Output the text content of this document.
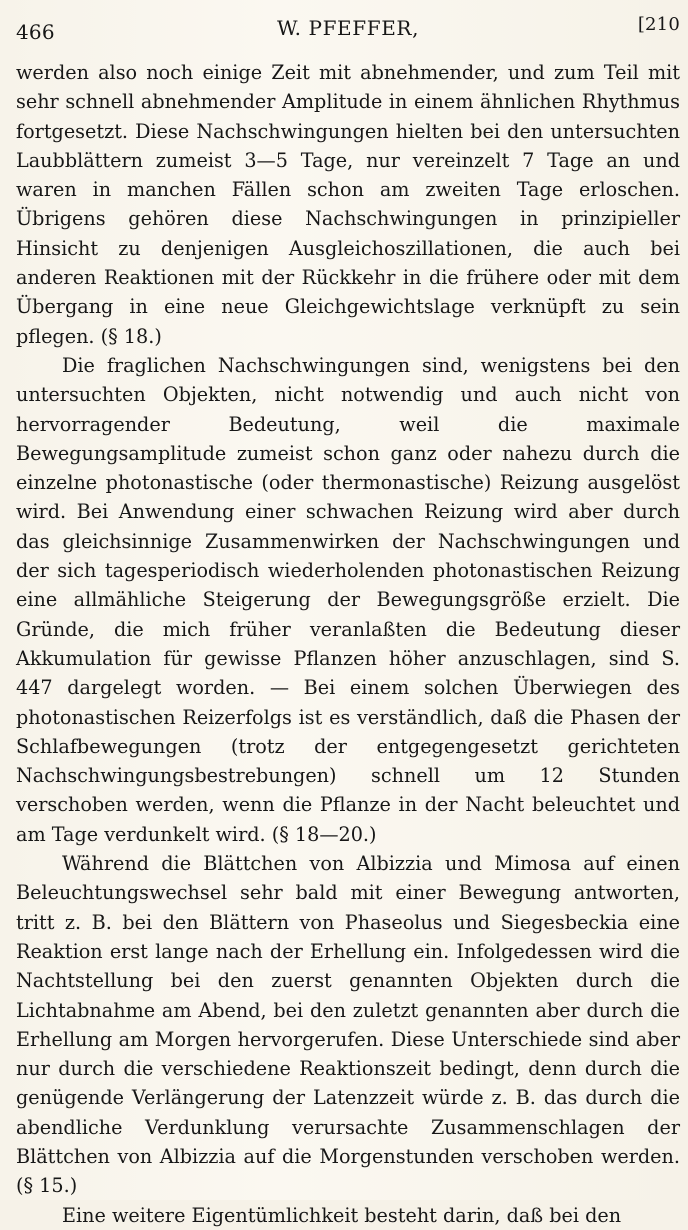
466	W. PFEFFER,	[210

werden also noch einige Zeit mit abnehmender, und zum Teil mit sehr schnell abnehmender Amplitude in einem ähnlichen Rhythmus fortgesetzt. Diese Nachschwingungen hielten bei den untersuchten Laubblättern zumeist 3—5 Tage, nur vereinzelt 7 Tage an und waren in manchen Fällen schon am zweiten Tage erloschen. Übrigens gehören diese Nachschwingungen in prinzipieller Hinsicht zu denjenigen Ausgleichoszillationen, die auch bei anderen Reaktionen mit der Rückkehr in die frühere oder mit dem Übergang in eine neue Gleichgewichtslage verknüpft zu sein pflegen. (§ 18.)

Die fraglichen Nachschwingungen sind, wenigstens bei den untersuchten Objekten, nicht notwendig und auch nicht von hervorragender Bedeutung, weil die maximale Bewegungsamplitude zumeist schon ganz oder nahezu durch die einzelne photonastische (oder thermonastische) Reizung ausgelöst wird. Bei Anwendung einer schwachen Reizung wird aber durch das gleichsinnige Zusammenwirken der Nachschwingungen und der sich tagesperiodisch wiederholenden photonastischen Reizung eine allmähliche Steigerung der Bewegungsgröße erzielt. Die Gründe, die mich früher veranlaßten die Bedeutung dieser Akkumulation für gewisse Pflanzen höher anzuschlagen, sind S. 447 dargelegt worden. — Bei einem solchen Überwiegen des photonastischen Reizerfolgs ist es verständlich, daß die Phasen der Schlafbewegungen (trotz der entgegengesetzt gerichteten Nachschwingungsbestrebungen) schnell um 12 Stunden verschoben werden, wenn die Pflanze in der Nacht beleuchtet und am Tage verdunkelt wird. (§ 18—20.)

Während die Blättchen von Albizzia und Mimosa auf einen Beleuchtungswechsel sehr bald mit einer Bewegung antworten, tritt z. B. bei den Blättern von Phaseolus und Siegesbeckia eine Reaktion erst lange nach der Erhellung ein. Infolgedessen wird die Nachtstellung bei den zuerst genannten Objekten durch die Lichtabnahme am Abend, bei den zuletzt genannten aber durch die Erhellung am Morgen hervorgerufen. Diese Unterschiede sind aber nur durch die verschiedene Reaktionszeit bedingt, denn durch die genügende Verlängerung der Latenzzeit würde z. B. das durch die abendliche Verdunklung verursachte Zusammenschlagen der Blättchen von Albizzia auf die Morgenstunden verschoben werden. (§ 15.)

Eine weitere Eigentümlichkeit besteht darin, daß bei den
